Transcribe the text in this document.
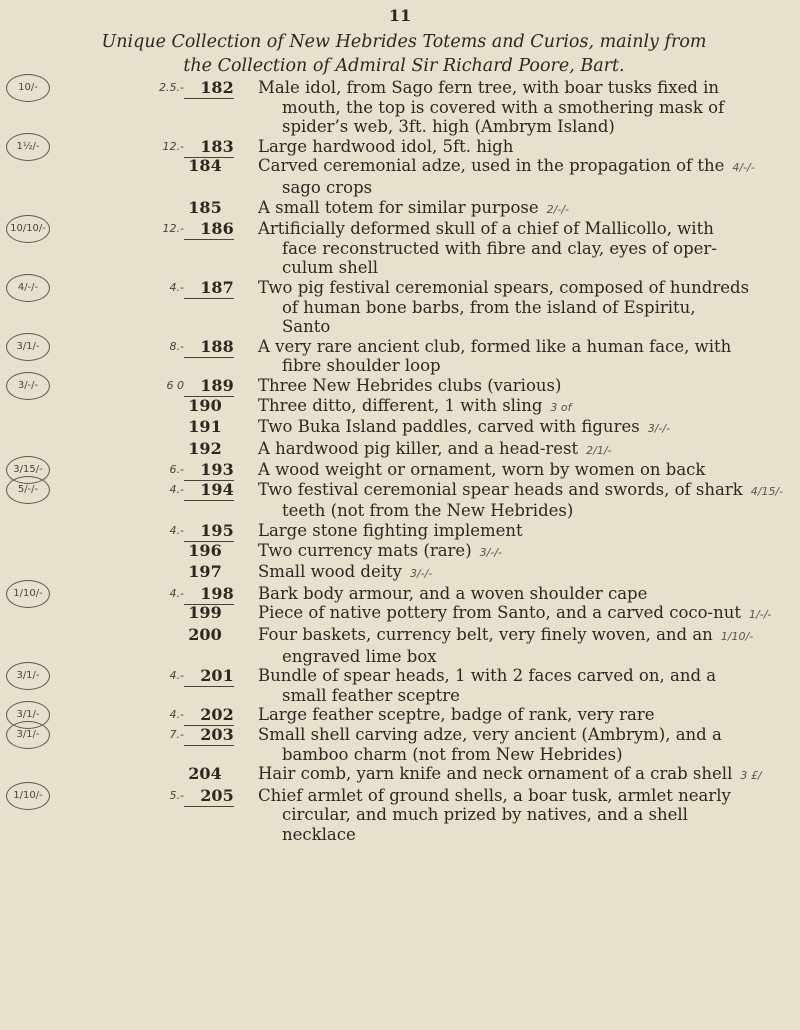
11
Unique Collection of New Hebrides Totems and Curios, mainly from
the Collection of Admiral Sir Richard Poore, Bart.
10/-	2.5.-	182	Male idol, from Sago fern tree, with boar tusks fixed in
mouth, the top is covered with a smothering mask of
spider’s web, 3ft. high (Ambrym Island)
1½/-	12.-	183	Large hardwood idol, 5ft. high
184	Carved ceremonial adze, used in the propagation of the 4/-/-
sago crops
185	A small totem for similar purpose 2/-/-
10/10/-	12.-	186	Artificially deformed skull of a chief of Mallicollo, with
face reconstructed with fibre and clay, eyes of oper-
culum shell
4/-/-	4.-	187	Two pig festival ceremonial spears, composed of hundreds
of human bone barbs, from the island of Espiritu,
Santo
3/1/-	8.-	188	A very rare ancient club, formed like a human face, with
fibre shoulder loop
3/-/-	6 0	189	Three New Hebrides clubs (various)
190	Three ditto, different, 1 with sling 3 of
191	Two Buka Island paddles, carved with figures 3/-/-
192	A hardwood pig killer, and a head-rest 2/1/-
3/15/-	6.-	193	A wood weight or ornament, worn by women on back
5/-/-	4.-	194	Two festival ceremonial spear heads and swords, of shark 4/15/-
teeth (not from the New Hebrides)
4.-	195	Large stone fighting implement
196	Two currency mats (rare) 3/-/-
197	Small wood deity 3/-/-
1/10/-	4.-	198	Bark body armour, and a woven shoulder cape
199	Piece of native pottery from Santo, and a carved coco-nut 1/-/-
200	Four baskets, currency belt, very finely woven, and an 1/10/-
engraved lime box
3/1/-	4.-	201	Bundle of spear heads, 1 with 2 faces carved on, and a
small feather sceptre
3/1/-	4.-	202	Large feather sceptre, badge of rank, very rare
3/1/-	7.-	203	Small shell carving adze, very ancient (Ambrym), and a
bamboo charm (not from New Hebrides)
204	Hair comb, yarn knife and neck ornament of a crab shell 3 £/
1/10/-	5.-	205	Chief armlet of ground shells, a boar tusk, armlet nearly
circular, and much prized by natives, and a shell
necklace
